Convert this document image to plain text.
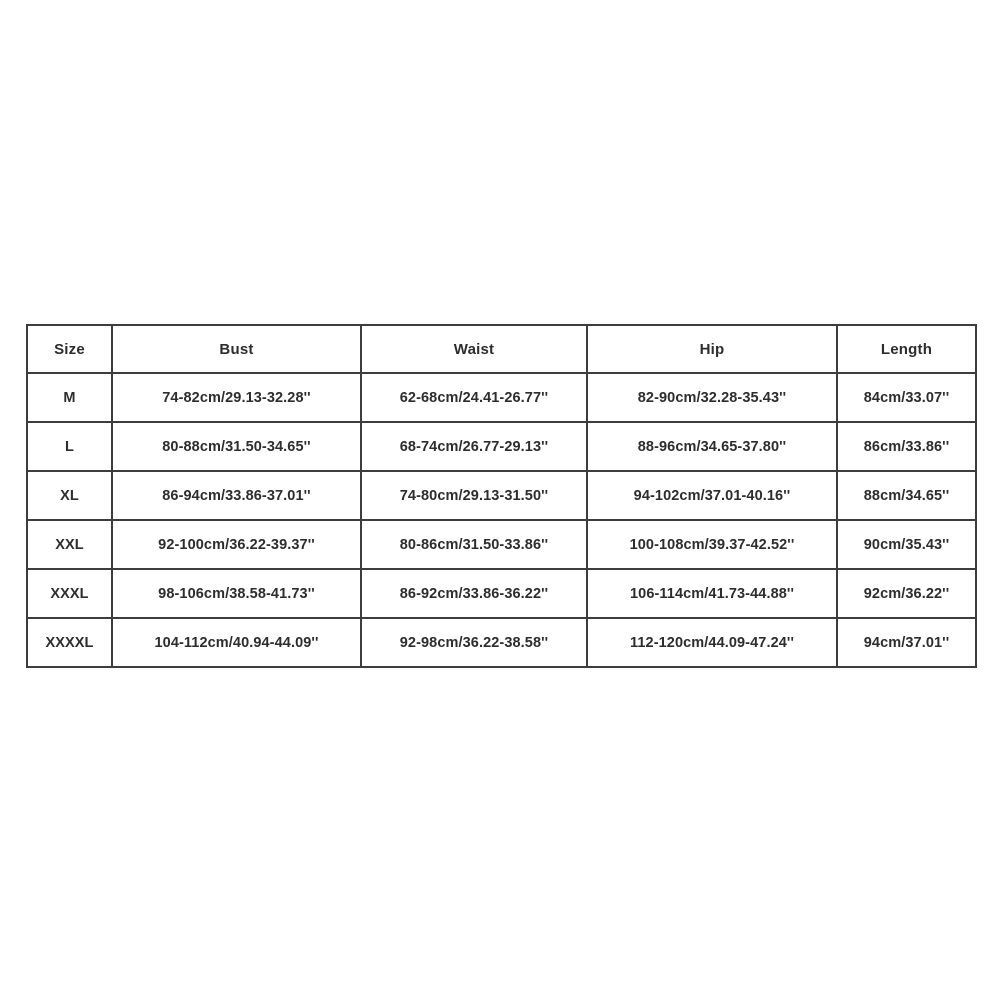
Size	Bust	Waist	Hip	Length
M	74-82cm/29.13-32.28''	62-68cm/24.41-26.77''	82-90cm/32.28-35.43''	84cm/33.07''
L	80-88cm/31.50-34.65''	68-74cm/26.77-29.13''	88-96cm/34.65-37.80''	86cm/33.86''
XL	86-94cm/33.86-37.01''	74-80cm/29.13-31.50''	94-102cm/37.01-40.16''	88cm/34.65''
XXL	92-100cm/36.22-39.37''	80-86cm/31.50-33.86''	100-108cm/39.37-42.52''	90cm/35.43''
XXXL	98-106cm/38.58-41.73''	86-92cm/33.86-36.22''	106-114cm/41.73-44.88''	92cm/36.22''
XXXXL	104-112cm/40.94-44.09''	92-98cm/36.22-38.58''	112-120cm/44.09-47.24''	94cm/37.01''
